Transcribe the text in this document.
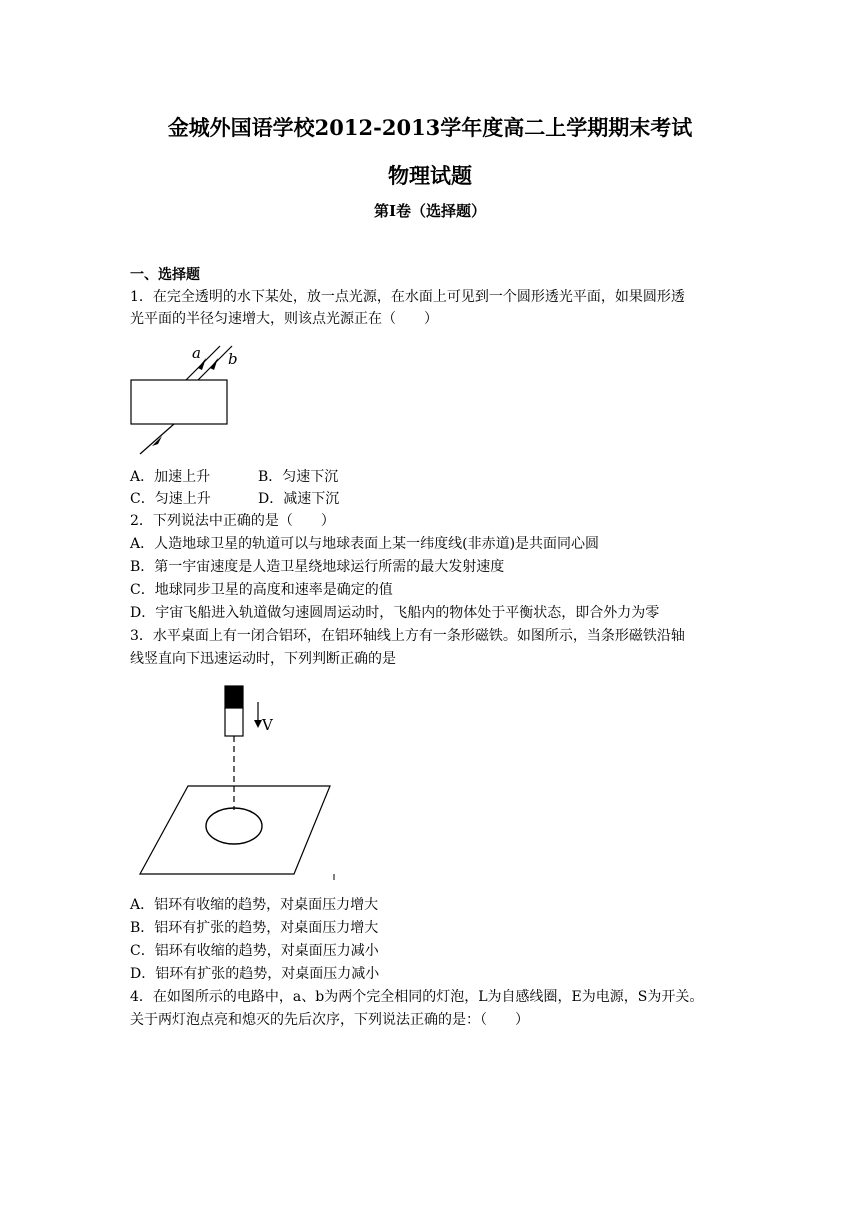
金城外国语学校2012-2013学年度高二上学期期末考试
物理试题
第I卷（选择题）
一、选择题
1．在完全透明的水下某处，放一点光源，在水面上可见到一个圆形透光平面，如果圆形透
光平面的半径匀速增大，则该点光源正在（　　）
a b
A．加速上升	B．匀速下沉
C．匀速上升	D．减速下沉
2．下列说法中正确的是（　　）
A．人造地球卫星的轨道可以与地球表面上某一纬度线(非赤道)是共面同心圆
B．第一宇宙速度是人造卫星绕地球运行所需的最大发射速度
C．地球同步卫星的高度和速率是确定的值
D．宇宙飞船进入轨道做匀速圆周运动时，飞船内的物体处于平衡状态，即合外力为零
3．水平桌面上有一闭合铝环，在铝环轴线上方有一条形磁铁。如图所示，当条形磁铁沿轴
线竖直向下迅速运动时，下列判断正确的是
V
A．铝环有收缩的趋势，对桌面压力增大
B．铝环有扩张的趋势，对桌面压力增大
C．铝环有收缩的趋势，对桌面压力减小
D．铝环有扩张的趋势，对桌面压力减小
4．在如图所示的电路中，a、b为两个完全相同的灯泡，L为自感线圈，E为电源，S为开关。
关于两灯泡点亮和熄灭的先后次序，下列说法正确的是：（　　）
